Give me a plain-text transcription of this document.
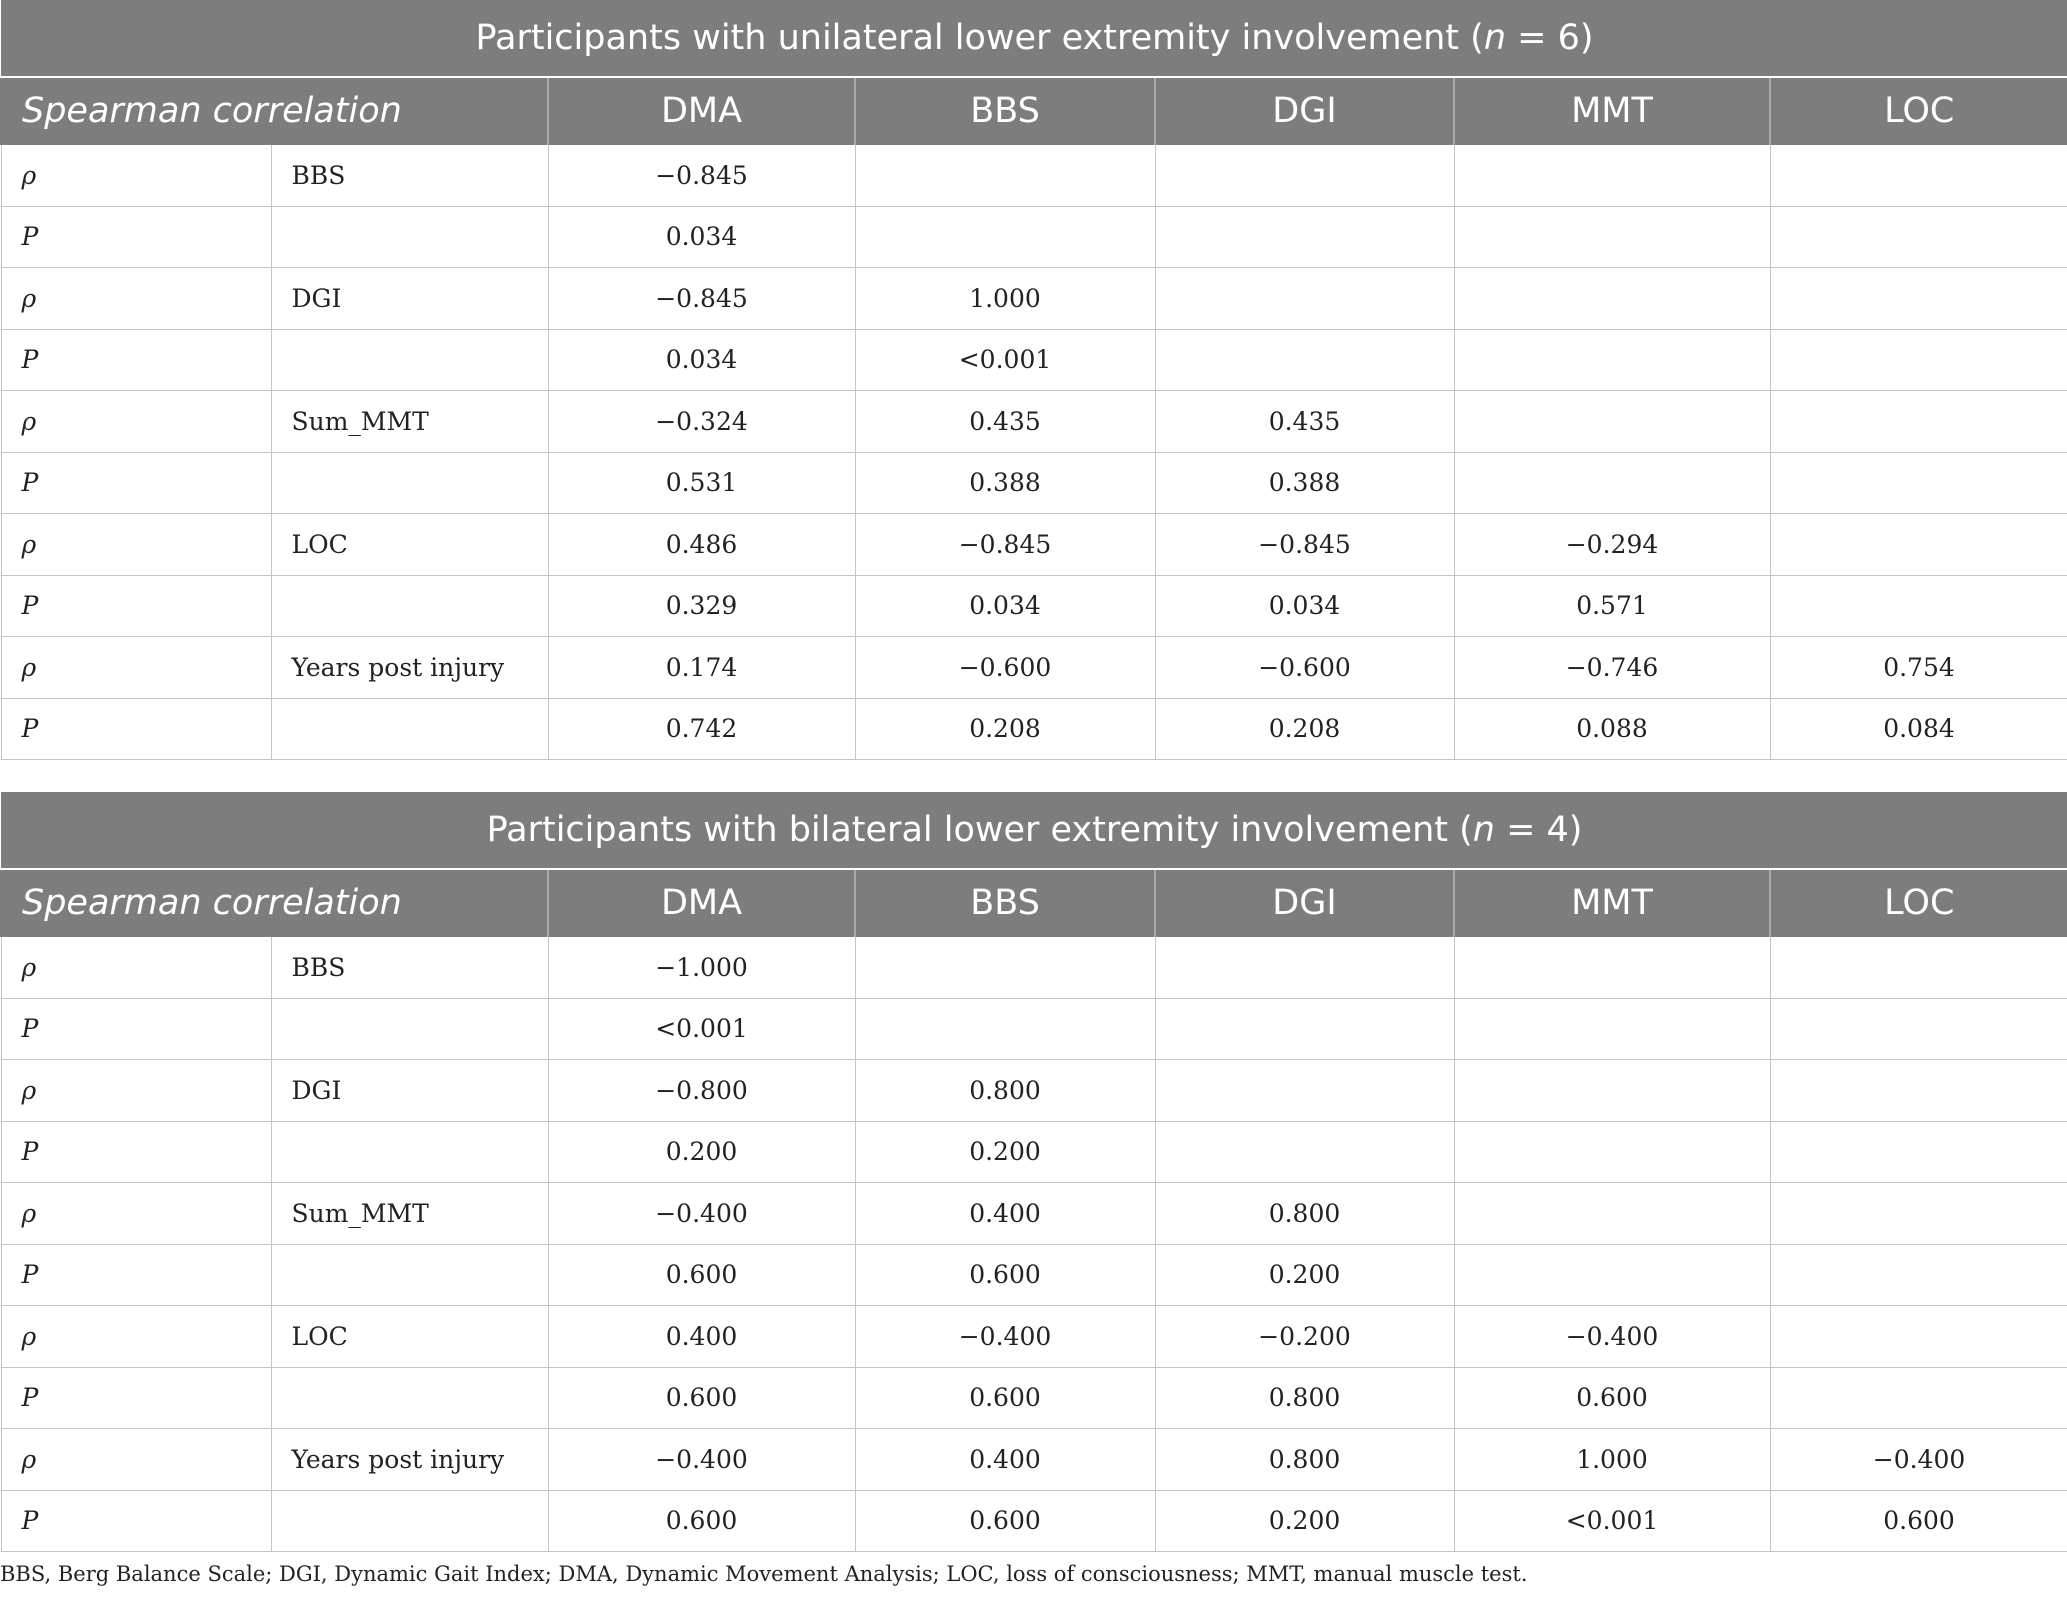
Participants with unilateral lower extremity involvement (n = 6)						
Spearman correlation		DMA	BBS	DGI	MMT	LOC
ρ	BBS	−0.845				
P		0.034				
ρ	DGI	−0.845	1.000			
P		0.034	<0.001			
ρ	Sum_MMT	−0.324	0.435	0.435		
P		0.531	0.388	0.388		
ρ	LOC	0.486	−0.845	−0.845	−0.294	
P		0.329	0.034	0.034	0.571	
ρ	Years post injury	0.174	−0.600	−0.600	−0.746	0.754
P		0.742	0.208	0.208	0.088	0.084
Participants with bilateral lower extremity involvement (n = 4)						
Spearman correlation		DMA	BBS	DGI	MMT	LOC
ρ	BBS	−1.000				
P		<0.001				
ρ	DGI	−0.800	0.800			
P		0.200	0.200			
ρ	Sum_MMT	−0.400	0.400	0.800		
P		0.600	0.600	0.200		
ρ	LOC	0.400	−0.400	−0.200	−0.400	
P		0.600	0.600	0.800	0.600	
ρ	Years post injury	−0.400	0.400	0.800	1.000	−0.400
P		0.600	0.600	0.200	<0.001	0.600
BBS, Berg Balance Scale; DGI, Dynamic Gait Index; DMA, Dynamic Movement Analysis; LOC, loss of consciousness; MMT, manual muscle test.
